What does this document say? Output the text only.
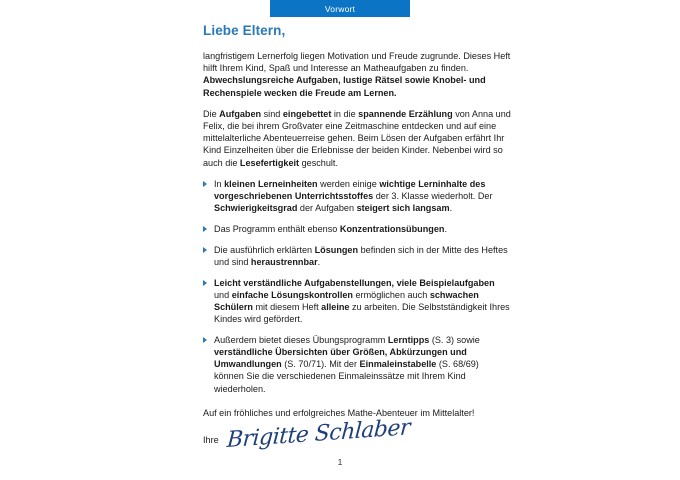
Vorwort
Liebe Eltern,

langfristigem Lernerfolg liegen Motivation und Freude zugrunde. Dieses Heft hilft Ihrem Kind, Spaß und Interesse an Matheaufgaben zu finden. Abwechslungsreiche Aufgaben, lustige Rätsel sowie Knobel- und Rechenspiele wecken die Freude am Lernen.

Die Aufgaben sind eingebettet in die spannende Erzählung von Anna und Felix, die bei ihrem Großvater eine Zeitmaschine entdecken und auf eine mittelalterliche Abenteuerreise gehen. Beim Lösen der Aufgaben erfährt Ihr Kind Einzelheiten über die Erlebnisse der beiden Kinder. Nebenbei wird so auch die Lesefertigkeit geschult.

In kleinen Lerneinheiten werden einige wichtige Lerninhalte des vorgeschriebenen Unterrichtsstoffes der 3. Klasse wiederholt. Der Schwierigkeitsgrad der Aufgaben steigert sich langsam.
Das Programm enthält ebenso Konzentrationsübungen.
Die ausführlich erklärten Lösungen befinden sich in der Mitte des Heftes und sind heraustrennbar.
Leicht verständliche Aufgabenstellungen, viele Beispielaufgaben und einfache Lösungskontrollen ermöglichen auch schwachen Schülern mit diesem Heft alleine zu arbeiten. Die Selbstständigkeit Ihres Kindes wird gefördert.
Außerdem bietet dieses Übungsprogramm Lerntipps (S. 3) sowie verständliche Übersichten über Größen, Abkürzungen und Umwandlungen (S. 70/71). Mit der Einmaleinstabelle (S. 68/69) können Sie die verschiedenen Einmaleinssätze mit Ihrem Kind wiederholen.

Auf ein fröhliches und erfolgreiches Mathe-Abenteuer im Mittelalter!

Ihre Brigitte Schlaber
1
